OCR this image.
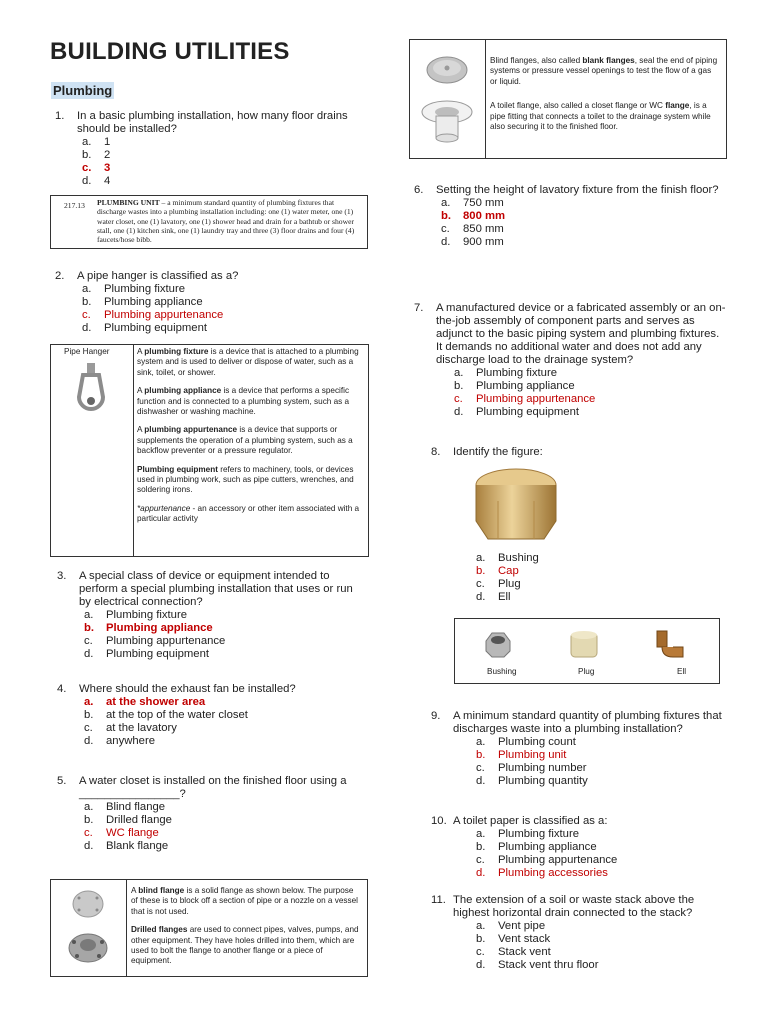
BUILDING UTILITIES
Plumbing
1.	In a basic plumbing installation, how many floor drains should be installed?
a.	1
b.	2
c.	3
d.	4
217.13 PLUMBING UNIT – a minimum standard quantity of plumbing fixtures that discharge wastes into a plumbing installation including: one (1) water meter, one (1) water closet, one (1) lavatory, one (1) shower head and drain for a bathtub or shower stall, one (1) kitchen sink, one (1) laundry tray and three (3) floor drains and four (4) faucets/hose bibb.
2.	A pipe hanger is classified as a?
a.	Plumbing fixture
b.	Plumbing appliance
c.	Plumbing appurtenance
d.	Plumbing equipment
Pipe Hanger	A plumbing fixture is a device that is attached to a plumbing system and is used to deliver or dispose of water, such as a sink, toilet, or shower.

A plumbing appliance is a device that performs a specific function and is connected to a plumbing system, such as a dishwasher or washing machine.

A plumbing appurtenance is a device that supports or supplements the operation of a plumbing system, such as a backflow preventer or a pressure regulator.

Plumbing equipment refers to machinery, tools, or devices used in plumbing work, such as pipe cutters, wrenches, and soldering irons.

*appurtenance - an accessory or other item associated with a particular activity

3.	A special class of device or equipment intended to perform a special plumbing installation that uses or run by electrical connection?
a.	Plumbing fixture
b.	Plumbing appliance
c.	Plumbing appurtenance
d.	Plumbing equipment
4.	Where should the exhaust fan be installed?
a.	at the shower area
b.	at the top of the water closet
c.	at the lavatory
d.	anywhere
5.	A water closet is installed on the finished floor using a ________________?
a.	Blind flange
b.	Drilled flange
c.	WC flange
d.	Blank flange

A blind flange is a solid flange as shown below. The purpose of these is to block off a section of pipe or a nozzle on a vessel that is not used.

Drilled flanges are used to connect pipes, valves, pumps, and other equipment. They have holes drilled into them, which are used to bolt the flange to another flange or a piece of equipment.

Blind flanges, also called blank flanges, seal the end of piping systems or pressure vessel openings to test the flow of a gas or liquid.

A toilet flange, also called a closet flange or WC flange, is a pipe fitting that connects a toilet to the drainage system while also securing it to the finished floor.

6.	Setting the height of lavatory fixture from the finish floor?
a.	750 mm
b.	800 mm
c.	850 mm
d.	900 mm
7.	A manufactured device or a fabricated assembly or an on-the-job assembly of component parts and serves as adjunct to the basic piping system and plumbing fixtures. It demands no additional water and does not add any discharge load to the drainage system?
a.	Plumbing fixture
b.	Plumbing appliance
c.	Plumbing appurtenance
d.	Plumbing equipment
8.	Identify the figure:
a.	Bushing
b.	Cap
c.	Plug
d.	Ell
Bushing	Plug	Ell
9.	A minimum standard quantity of plumbing fixtures that discharges waste into a plumbing installation?
a.	Plumbing count
b.	Plumbing unit
c.	Plumbing number
d.	Plumbing quantity
10. A toilet paper is classified as a:
a.	Plumbing fixture
b.	Plumbing appliance
c.	Plumbing appurtenance
d.	Plumbing accessories
11. The extension of a soil or waste stack above the highest horizontal drain connected to the stack?
a.	Vent pipe
b.	Vent stack
c.	Stack vent
d.	Stack vent thru floor
